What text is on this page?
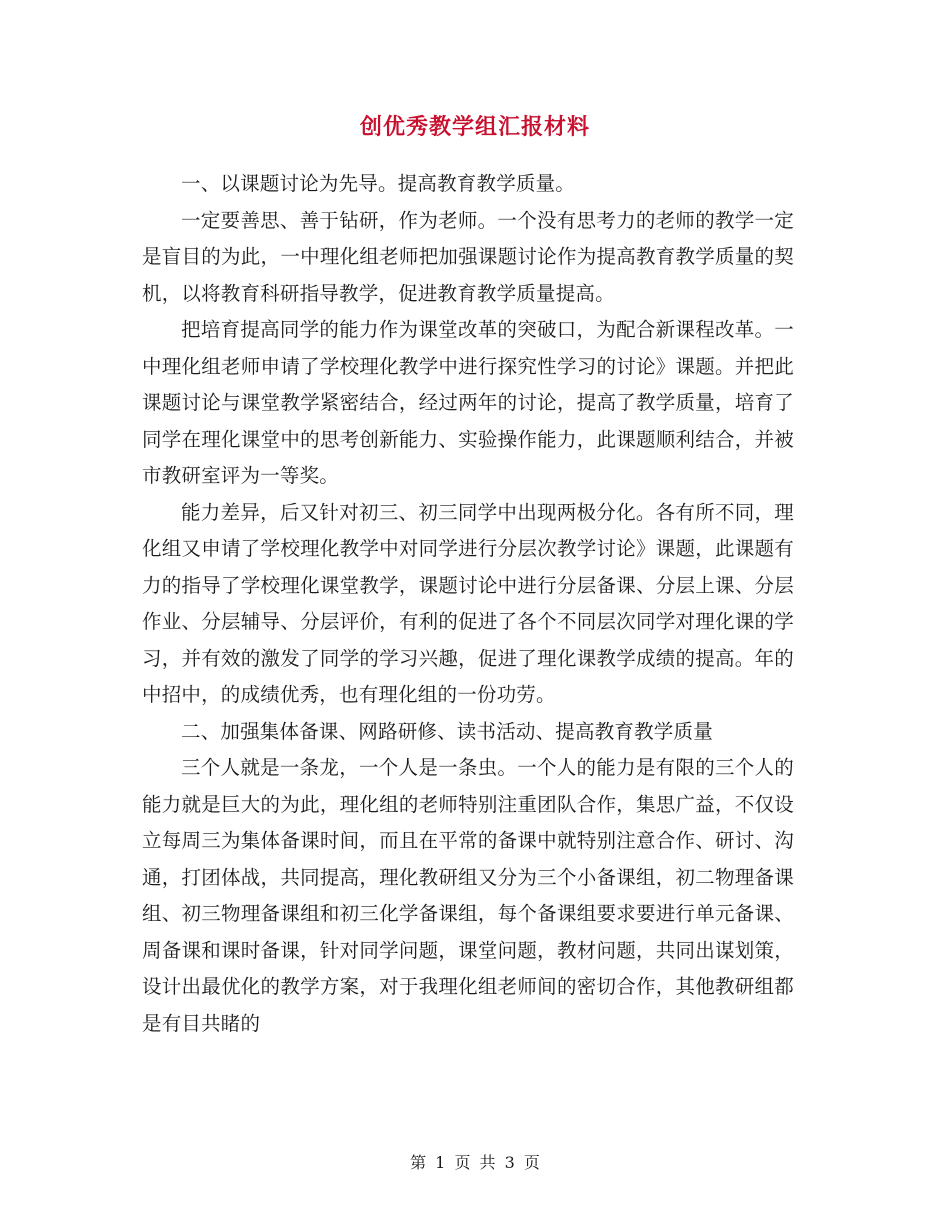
创优秀教学组汇报材料

一、以课题讨论为先导。提高教育教学质量。

一定要善思、善于钻研，作为老师。一个没有思考力的老师的教学一定是盲目的为此，一中理化组老师把加强课题讨论作为提高教育教学质量的契机，以将教育科研指导教学，促进教育教学质量提高。

把培育提高同学的能力作为课堂改革的突破口，为配合新课程改革。一中理化组老师申请了学校理化教学中进行探究性学习的讨论》课题。并把此课题讨论与课堂教学紧密结合，经过两年的讨论，提高了教学质量，培育了同学在理化课堂中的思考创新能力、实验操作能力，此课题顺利结合，并被市教研室评为一等奖。

能力差异，后又针对初三、初三同学中出现两极分化。各有所不同，理化组又申请了学校理化教学中对同学进行分层次教学讨论》课题，此课题有力的指导了学校理化课堂教学，课题讨论中进行分层备课、分层上课、分层作业、分层辅导、分层评价，有利的促进了各个不同层次同学对理化课的学习，并有效的激发了同学的学习兴趣，促进了理化课教学成绩的提高。年的中招中，的成绩优秀，也有理化组的一份功劳。

二、加强集体备课、网路研修、读书活动、提高教育教学质量

三个人就是一条龙，一个人是一条虫。一个人的能力是有限的三个人的能力就是巨大的为此，理化组的老师特别注重团队合作，集思广益，不仅设立每周三为集体备课时间，而且在平常的备课中就特别注意合作、研讨、沟通，打团体战，共同提高，理化教研组又分为三个小备课组，初二物理备课组、初三物理备课组和初三化学备课组，每个备课组要求要进行单元备课、周备课和课时备课，针对同学问题，课堂问题，教材问题，共同出谋划策，设计出最优化的教学方案，对于我理化组老师间的密切合作，其他教研组都是有目共睹的

第 1 页 共 3 页
